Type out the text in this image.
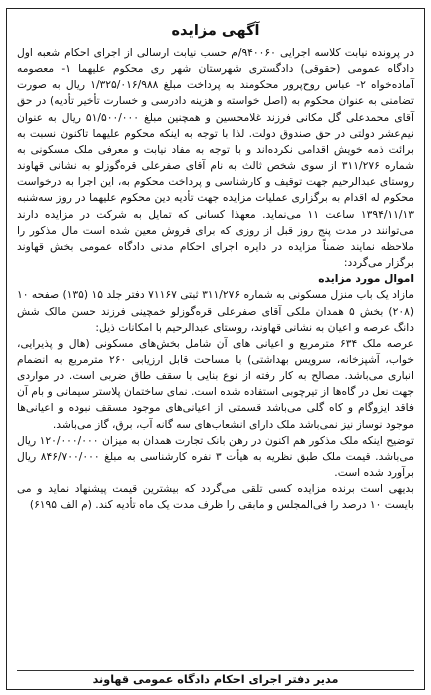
آگهی مزایده

در پرونده نیابت کلاسه اجرایی ۹۴۰۰۶۰/م حسب نیابت ارسالی از اجرای احکام شعبه اول دادگاه عمومی (حقوقی) دادگستری شهرستان شهر ری محکوم علیهما ۱- معصومه آماده‌خواه ۲- عباس روح‌پرور محکومند به پرداخت مبلغ ۱/۳۲۵/۰۱۶/۹۸۸ ریال به صورت تضامنی به عنوان محکوم به (اصل خواسته و هزینه دادرسی و خسارت تأخیر تأدیه) در حق آقای محمدعلی گل مکانی فرزند غلامحسین و همچنین مبلغ ۵۱/۵۰۰/۰۰۰ ریال به عنوان نیم‌عشر دولتی در حق صندوق دولت. لذا با توجه به اینکه محکوم علیهما تاکنون نسبت به برائت ذمه خویش اقدامی نکرده‌اند و با توجه به مفاد نیابت و معرفی ملک مسکونی به شماره ۳۱۱/۲۷۶ از سوی شخص ثالث به نام آقای صفرعلی قره‌گوزلو به نشانی قهاوند روستای عبدالرحیم جهت توقیف و کارشناسی و پرداخت محکوم به، این اجرا به درخواست محکوم له اقدام به برگزاری عملیات مزایده جهت تأدیه دین محکوم علیهما در روز سه‌شنبه ۱۳۹۴/۱۱/۱۳ ساعت ۱۱ می‌نماید. معهذا کسانی که تمایل به شرکت در مزایده دارند می‌توانند در مدت پنج روز قبل از روزی که برای فروش معین شده است مال مذکور را ملاحظه نمایند ضمناً مزایده در دایره اجرای احکام مدنی دادگاه عمومی بخش قهاوند برگزار می‌گردد:

اموال مورد مزایده

مازاد یک باب منزل مسکونی به شماره ۳۱۱/۲۷۶ ثبتی ۷۱۱۶۷ دفتر جلد ۱۵ (۱۳۵) صفحه ۱۰ (۲۰۸) بخش ۵ همدان ملکی آقای صفرعلی قره‌گوزلو خمچینی فرزند حسن مالک شش دانگ عرصه و اعیان به نشانی قهاوند، روستای عبدالرحیم با امکانات ذیل:

عرصه ملک ۶۳۴ مترمربع و اعیانی های آن شامل بخش‌های مسکونی (هال و پذیرایی، خواب، آشپزخانه، سرویس بهداشتی) با مساحت قابل ارزیابی ۲۶۰ مترمربع به انضمام انباری می‌باشد. مصالح به کار رفته از نوع بنایی با سقف طاق ضربی است. در مواردی جهت نعل در گاه‌ها از تیرچوبی استفاده شده است. نمای ساختمان پلاستر سیمانی و بام آن فاقد ایزوگام و کاه گلی می‌باشد قسمتی از اعیانی‌های موجود مسقف نبوده و اعیانی‌ها موجود نوساز نیز نمی‌باشد ملک دارای انشعاب‌های سه گانه آب، برق، گاز می‌باشد.

توضیح اینکه ملک مذکور هم اکنون در رهن بانک تجارت همدان به میزان ۱۲۰/۰۰۰/۰۰۰ ریال می‌باشد. قیمت ملک طبق نظریه به هیأت ۳ نفره کارشناسی به مبلغ ۸۴۶/۷۰۰/۰۰۰ ریال برآورد شده است.

بدیهی است برنده مزایده کسی تلقی می‌گردد که بیشترین قیمت پیشنهاد نماید و می بایست ۱۰ درصد را فی‌المجلس و مابقی را ظرف مدت یک ماه تأدیه کند. (م الف ۶۱۹۵)

مدیر دفتر اجرای احکام دادگاه عمومی قهاوند
